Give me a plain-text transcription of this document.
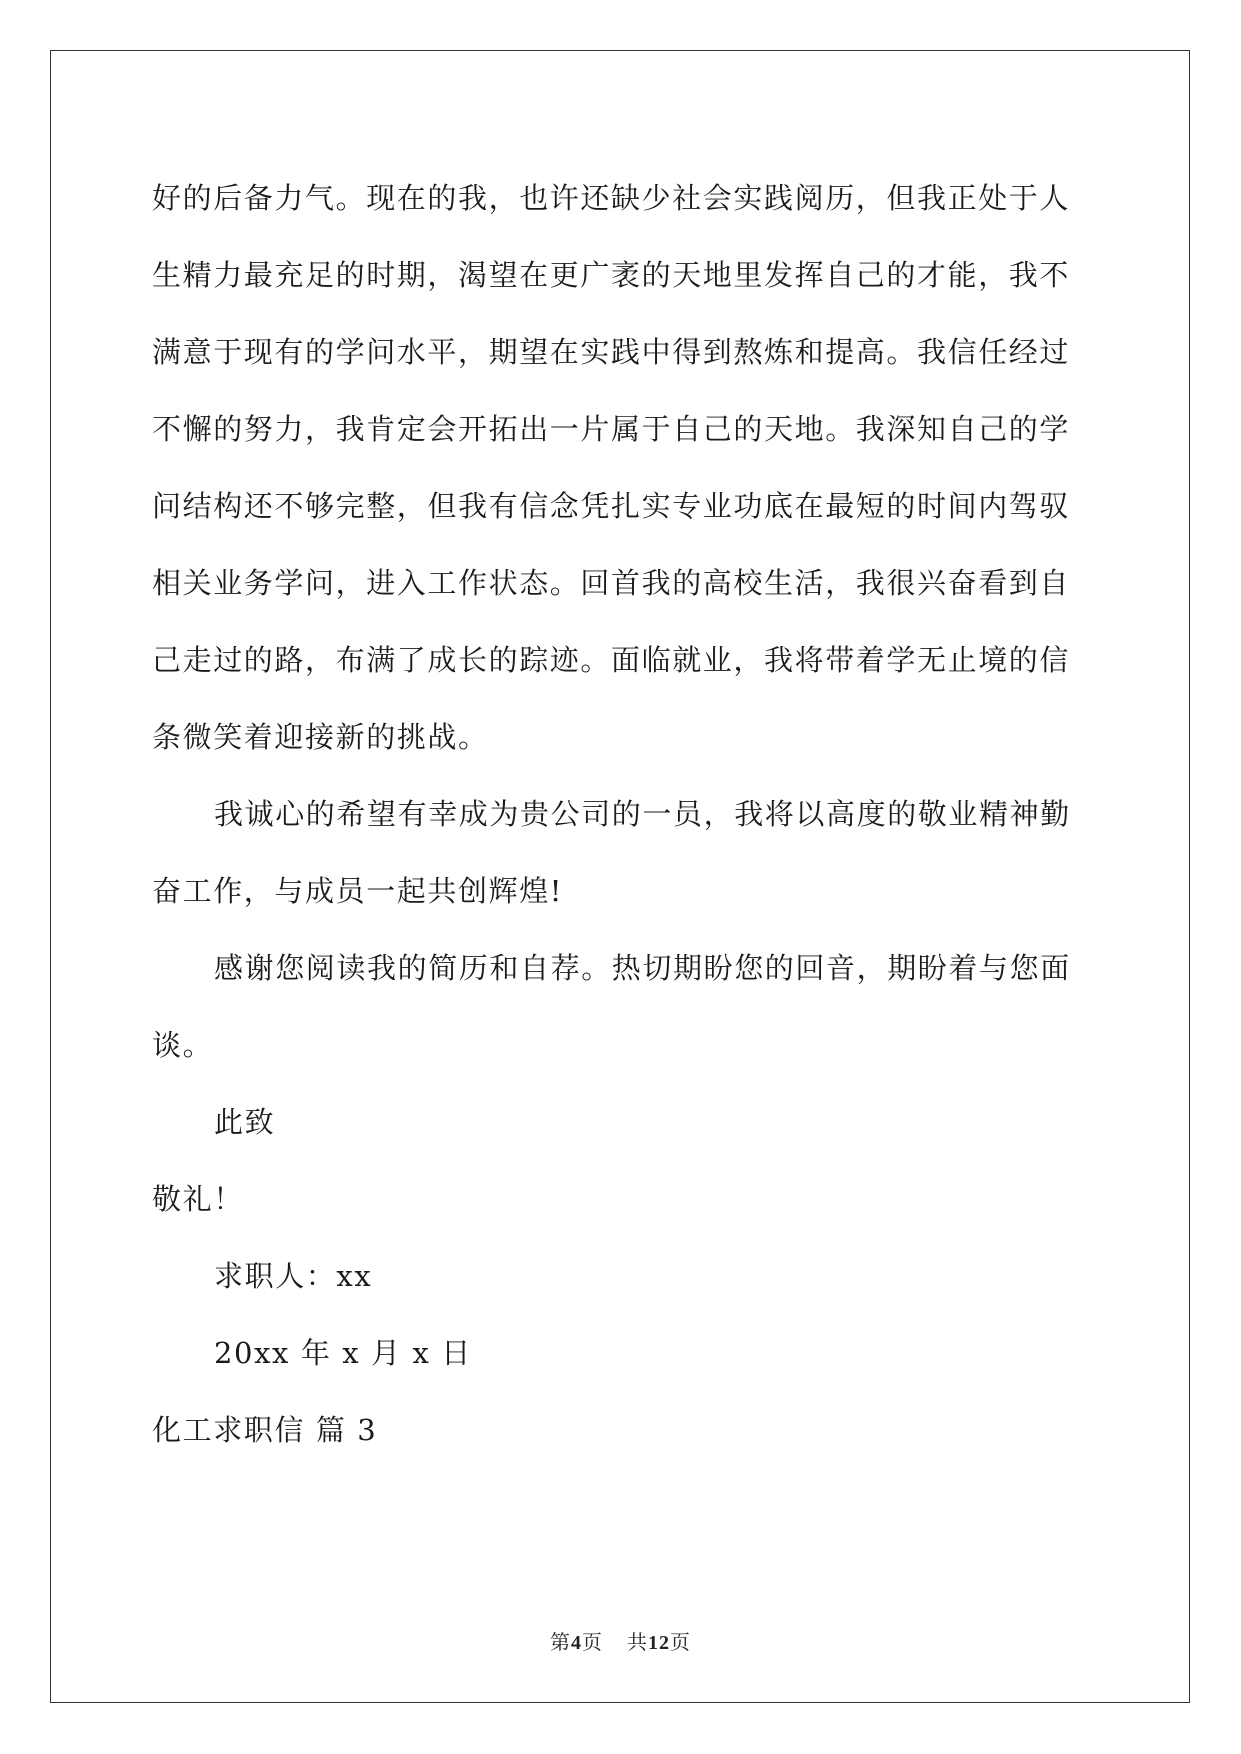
好的后备力气。现在的我，也许还缺少社会实践阅历，但我正处于人

生精力最充足的时期，渴望在更广袤的天地里发挥自己的才能，我不

满意于现有的学问水平，期望在实践中得到熬炼和提高。我信任经过

不懈的努力，我肯定会开拓出一片属于自己的天地。我深知自己的学

问结构还不够完整，但我有信念凭扎实专业功底在最短的时间内驾驭

相关业务学问，进入工作状态。回首我的高校生活，我很兴奋看到自

己走过的路，布满了成长的踪迹。面临就业，我将带着学无止境的信

条微笑着迎接新的挑战。

我诚心的希望有幸成为贵公司的一员，我将以高度的敬业精神勤

奋工作，与成员一起共创辉煌!

感谢您阅读我的简历和自荐。热切期盼您的回音，期盼着与您面

谈。

此致

敬礼！

求职人：xx

20xx 年 x 月 x 日

化工求职信 篇 3

第4页 共12页
